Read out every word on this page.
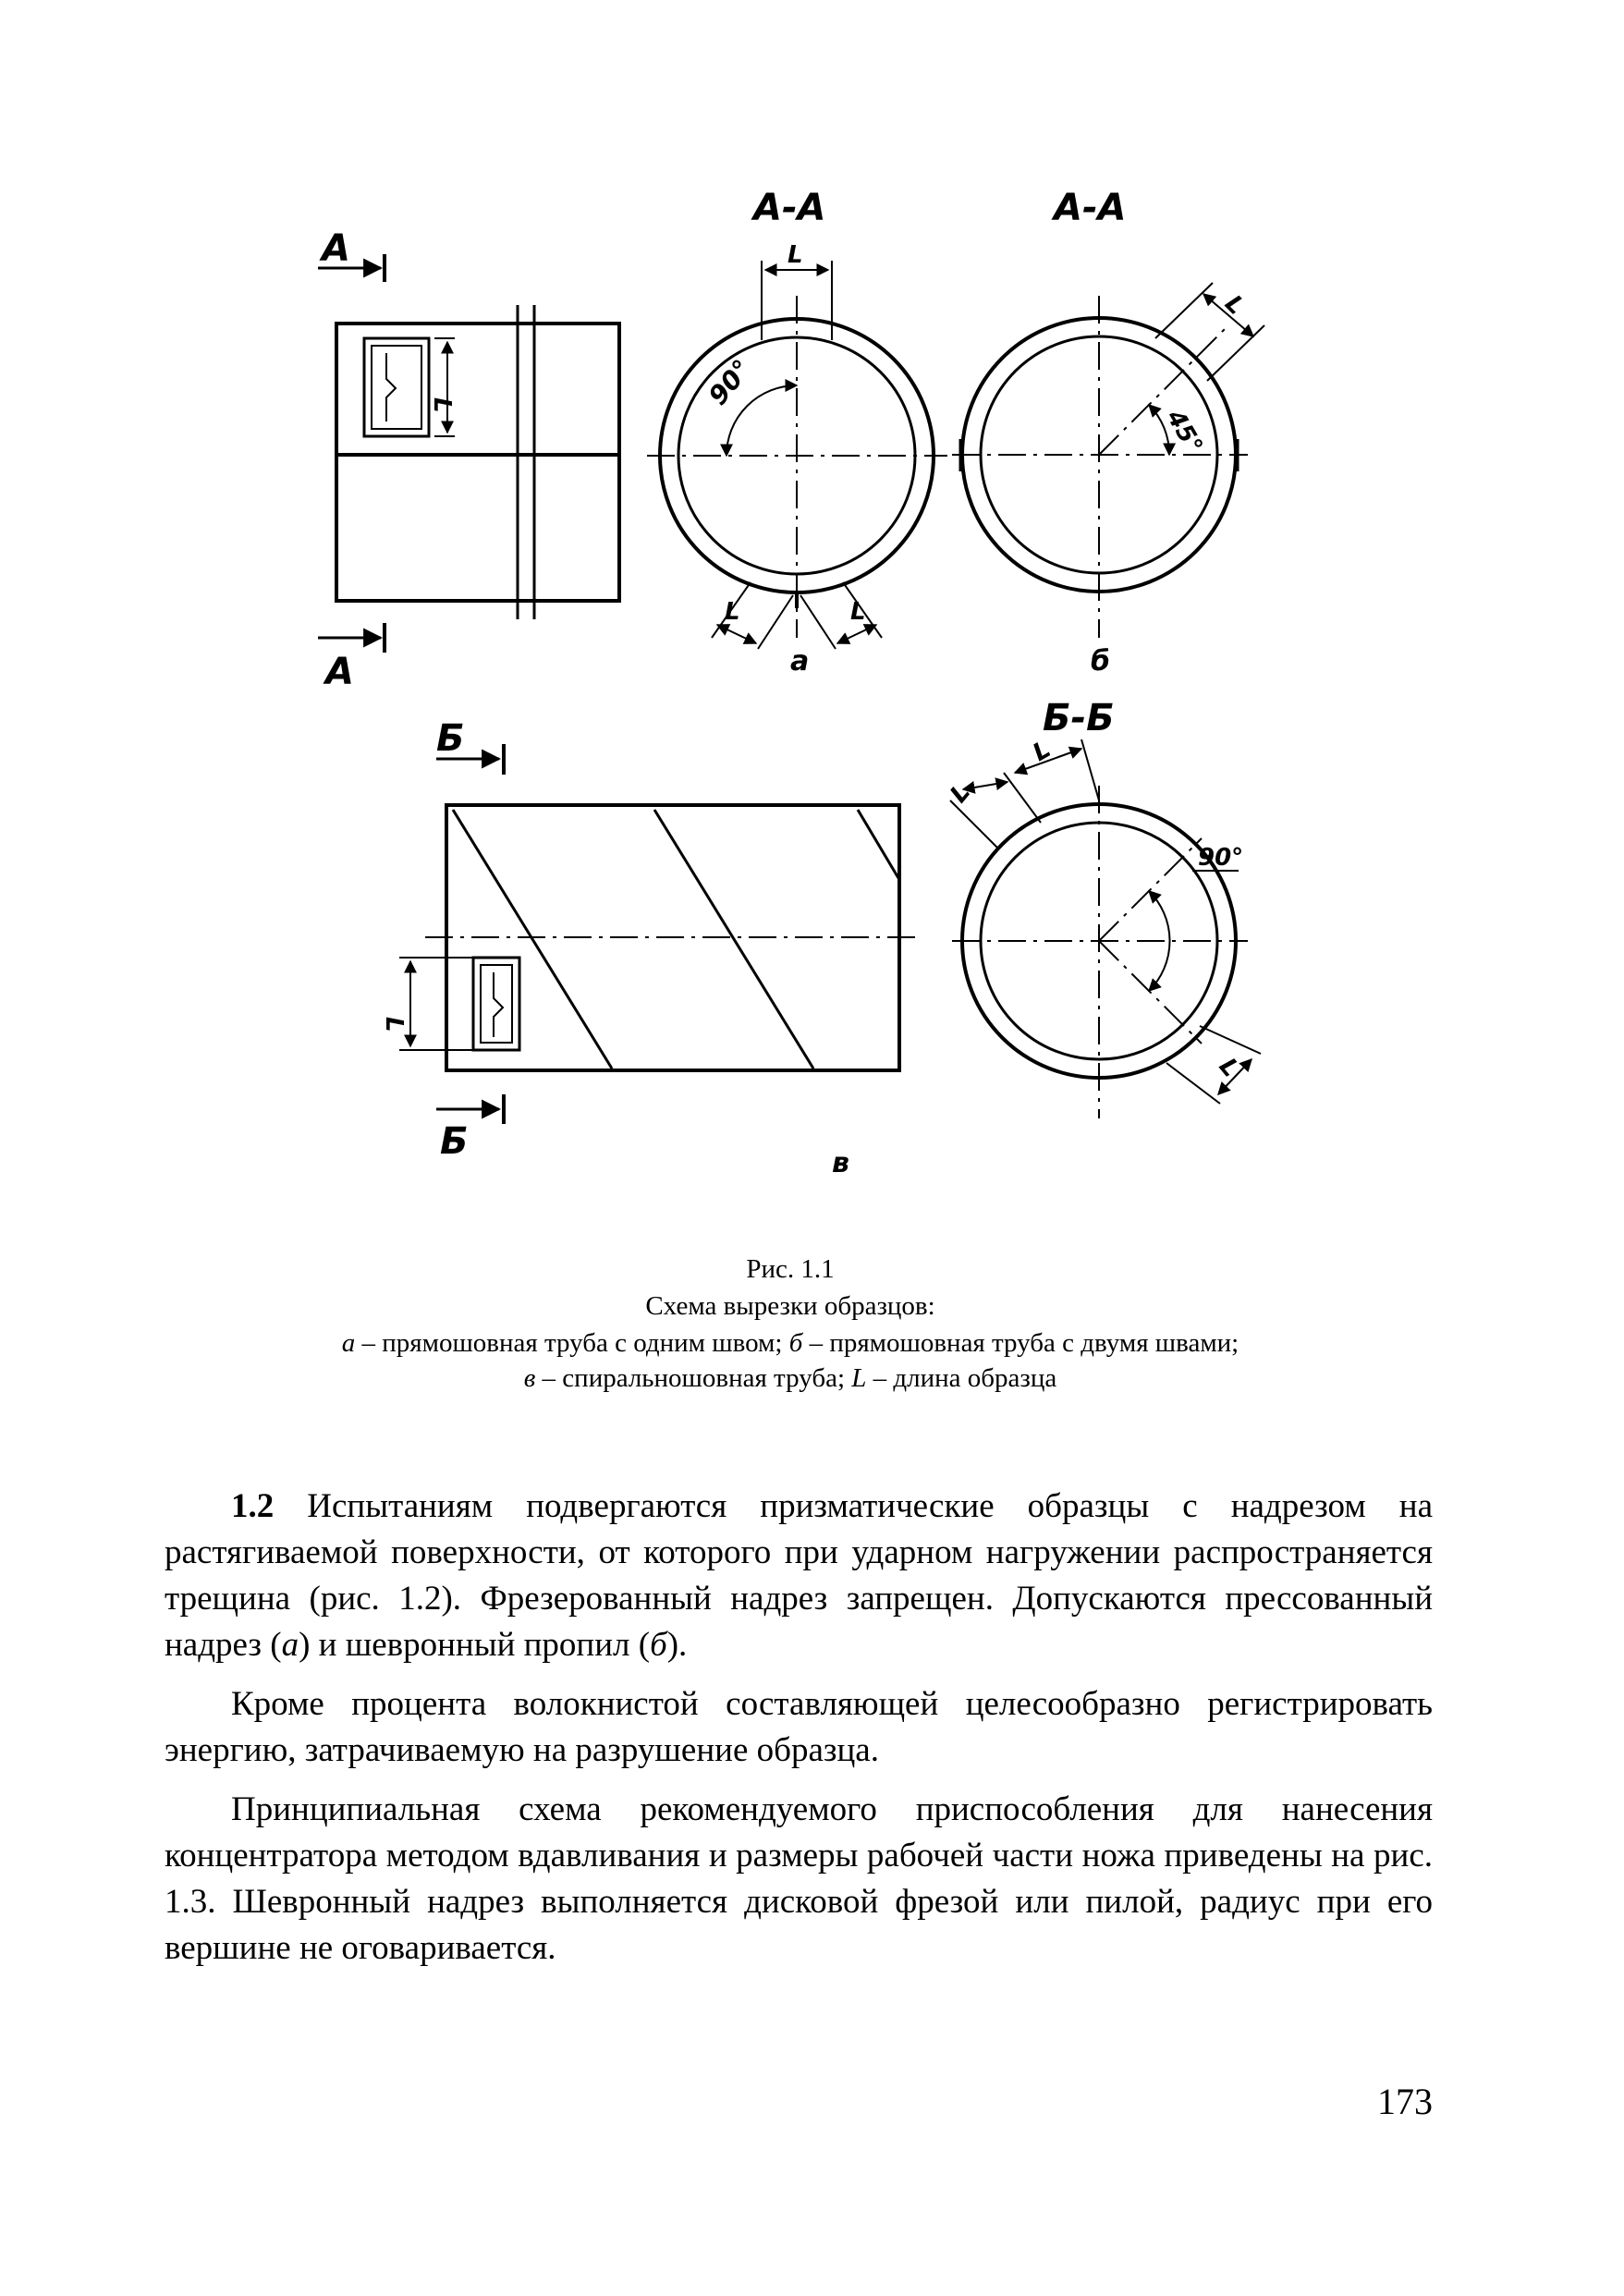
А
А
L
А-А
L
90°
L	L
а
А-А
45°
L
б
Б
Б
L
в
Б-Б
90°
L
L
L
Рис. 1.1
Схема вырезки образцов:
а – прямошовная труба с одним швом; б – прямошовная труба с двумя швами;
в – спиральношовная труба; L – длина образца

1.2 Испытаниям подвергаются призматические образцы с надрезом на растягиваемой поверхности, от которого при ударном нагружении распространяется трещина (рис. 1.2). Фрезерованный надрез запрещен. Допускаются прессованный надрез (а) и шевронный пропил (б).

Кроме процента волокнистой составляющей целесообразно регистрировать энергию, затрачиваемую на разрушение образца.

Принципиальная схема рекомендуемого приспособления для нанесения концентратора методом вдавливания и размеры рабочей части ножа приведены на рис. 1.3. Шевронный надрез выполняется дисковой фрезой или пилой, радиус при его вершине не оговаривается.

173
